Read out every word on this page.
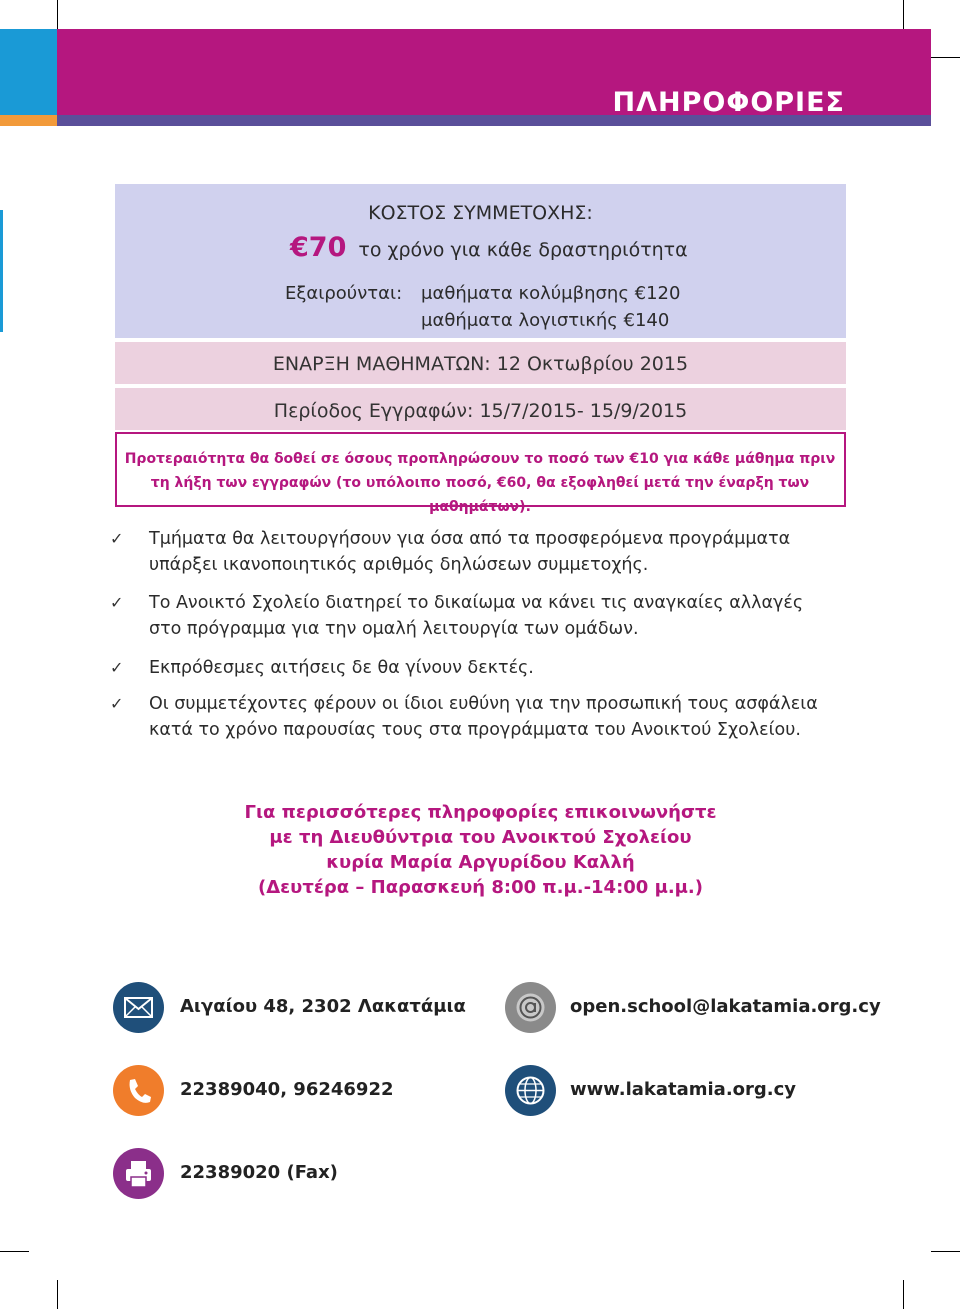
ΠΛΗΡΟΦΟΡΙΕΣ
ΚΟΣΤΟΣ ΣΥΜΜΕΤΟΧΗΣ:
€70 το χρόνο για κάθε δραστηριότητα
Εξαιρούνται: μαθήματα κολύμβησης €120
μαθήματα λογιστικής €140
ΕΝΑΡΞΗ ΜΑΘΗΜΑΤΩΝ: 12 Οκτωβρίου 2015
Περίοδος Εγγραφών: 15/7/2015- 15/9/2015
Προτεραιότητα θα δοθεί σε όσους προπληρώσουν το ποσό των €10 για κάθε μάθημα πριν τη λήξη των εγγραφών (το υπόλοιπο ποσό, €60, θα εξοφληθεί μετά την έναρξη των μαθημάτων).
✓ Τμήματα θα λειτουργήσουν για όσα από τα προσφερόμενα προγράμματα υπάρξει ικανοποιητικός αριθμός δηλώσεων συμμετοχής.
✓ Το Ανοικτό Σχολείο διατηρεί το δικαίωμα να κάνει τις αναγκαίες αλλαγές στο πρόγραμμα για την ομαλή λειτουργία των ομάδων.
✓ Εκπρόθεσμες αιτήσεις δε θα γίνουν δεκτές.
✓ Οι συμμετέχοντες φέρουν οι ίδιοι ευθύνη για την προσωπική τους ασφάλεια κατά το χρόνο παρουσίας τους στα προγράμματα του Ανοικτού Σχολείου.
Για περισσότερες πληροφορίες επικοινωνήστε
με τη Διευθύντρια του Ανοικτού Σχολείου
κυρία Μαρία Αργυρίδου Καλλή
(Δευτέρα – Παρασκευή 8:00 π.μ.-14:00 μ.μ.)
Αιγαίου 48, 2302 Λακατάμια	open.school@lakatamia.org.cy
22389040, 96246922	www.lakatamia.org.cy
22389020 (Fax)
